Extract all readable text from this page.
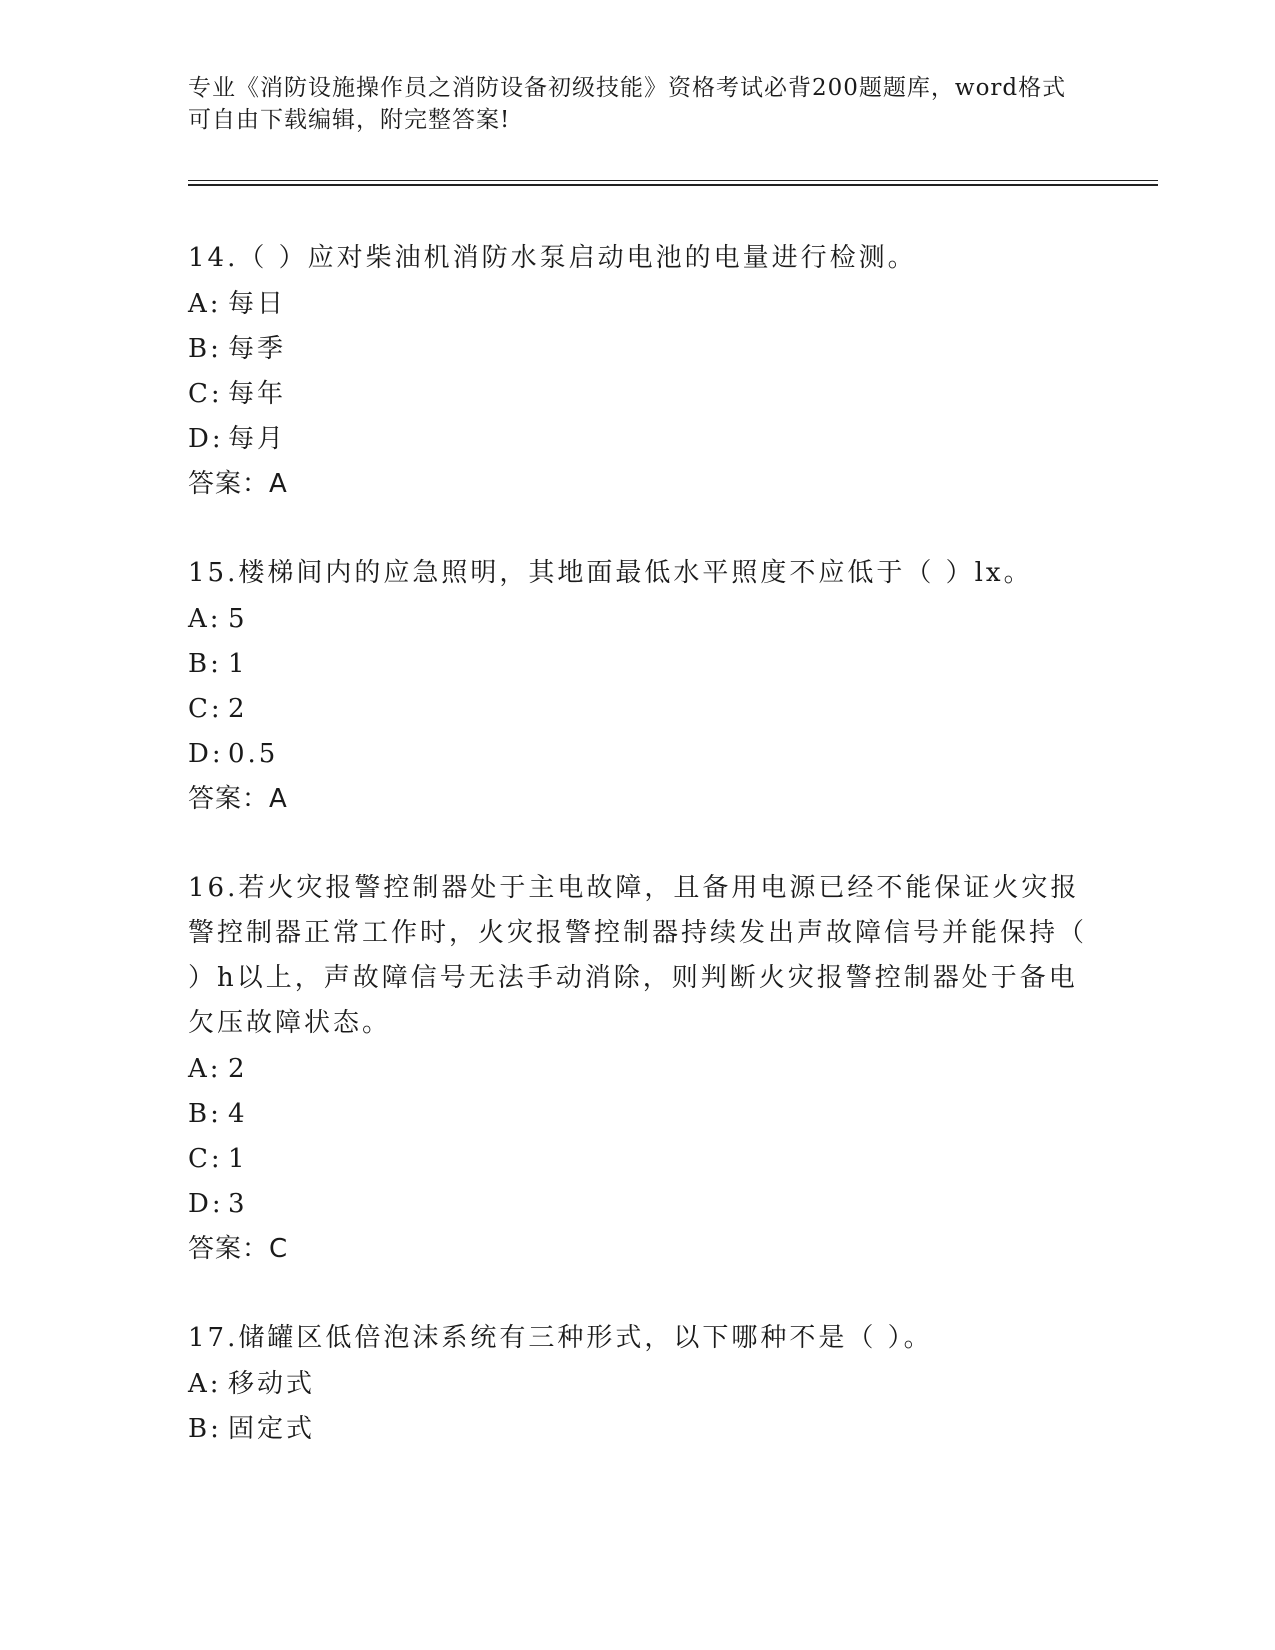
专业《消防设施操作员之消防设备初级技能》资格考试必背200题题库，word格式可自由下载编辑，附完整答案!

14.（ ）应对柴油机消防水泵启动电池的电量进行检测。

A: 每日

B: 每季

C: 每年

D: 每月

答案：A

15.楼梯间内的应急照明，其地面最低水平照度不应低于（ ）lx。

A: 5

B: 1

C: 2

D: 0.5

答案：A

16.若火灾报警控制器处于主电故障，且备用电源已经不能保证火灾报警控制器正常工作时，火灾报警控制器持续发出声故障信号并能保持（ ）h以上，声故障信号无法手动消除，则判断火灾报警控制器处于备电欠压故障状态。

A: 2

B: 4

C: 1

D: 3

答案：C

17.储罐区低倍泡沫系统有三种形式，以下哪种不是（ ）。

A: 移动式

B: 固定式
